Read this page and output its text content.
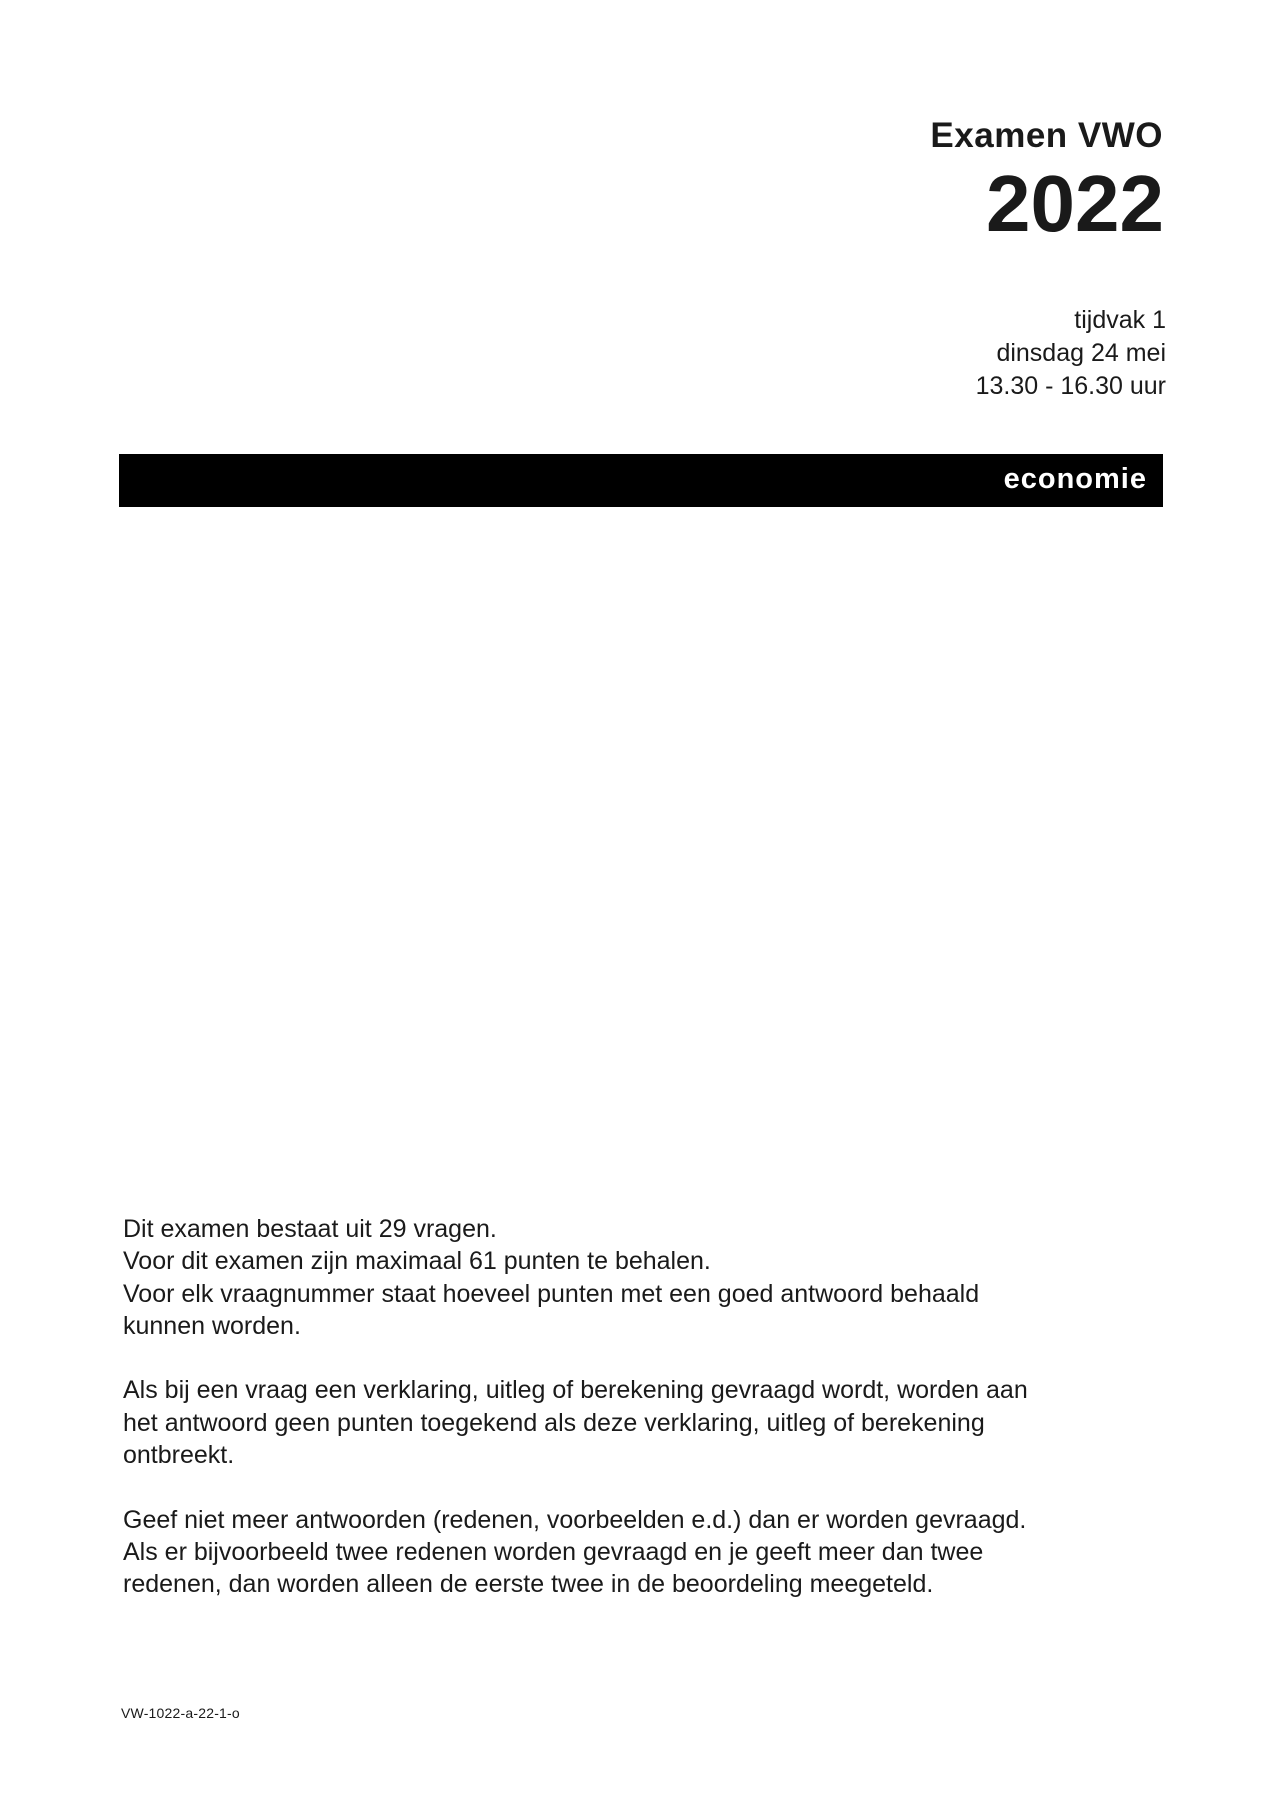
Examen VWO
2022
tijdvak 1
dinsdag 24 mei
13.30 - 16.30 uur
economie

Dit examen bestaat uit 29 vragen.
Voor dit examen zijn maximaal 61 punten te behalen.
Voor elk vraagnummer staat hoeveel punten met een goed antwoord behaald
kunnen worden.

Als bij een vraag een verklaring, uitleg of berekening gevraagd wordt, worden aan
het antwoord geen punten toegekend als deze verklaring, uitleg of berekening
ontbreekt.

Geef niet meer antwoorden (redenen, voorbeelden e.d.) dan er worden gevraagd.
Als er bijvoorbeeld twee redenen worden gevraagd en je geeft meer dan twee
redenen, dan worden alleen de eerste twee in de beoordeling meegeteld.

VW-1022-a-22-1-o
